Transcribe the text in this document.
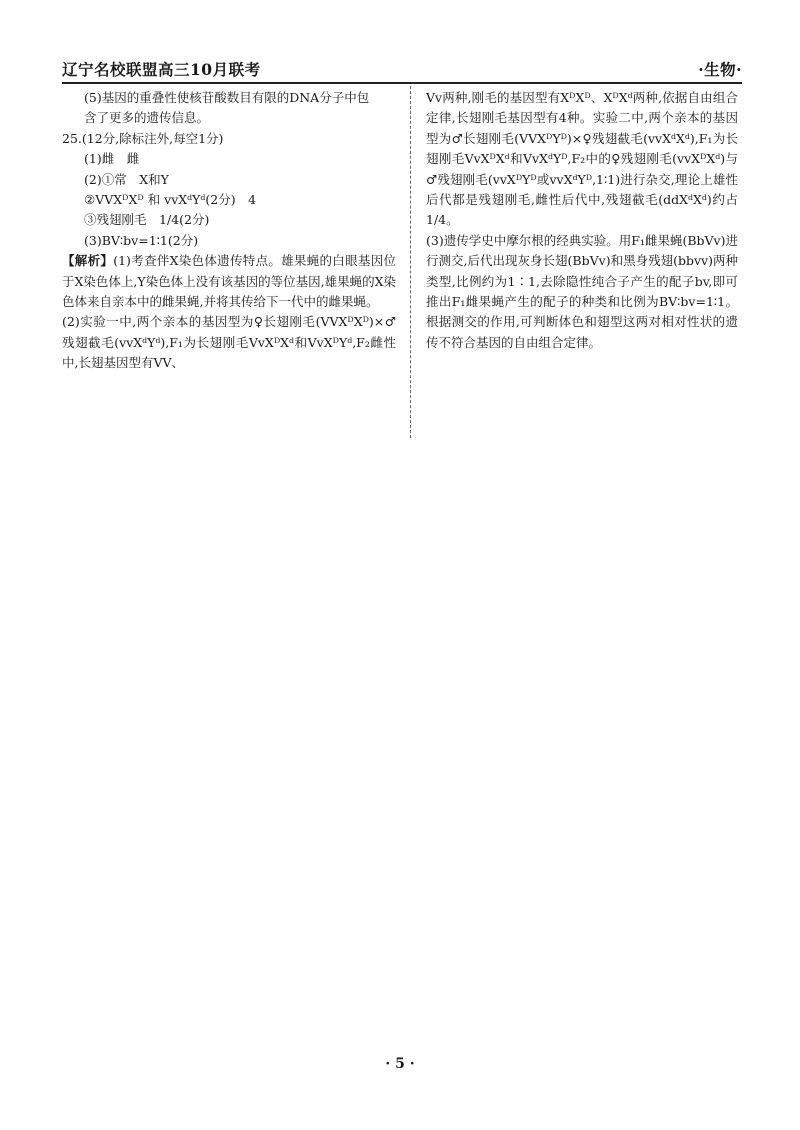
辽宁名校联盟高三10月联考	·生物·

(5)基因的重叠性使核苷酸数目有限的DNA分子中包

含了更多的遗传信息。

25.(12分,除标注外,每空1分)

(1)雌　雌

(2)①常　X和Y

②VVXᴰXᴰ 和 vvXᵈYᵈ(2分)　4

③残翅刚毛　1/4(2分)

(3)BV∶bv=1∶1(2分)

【解析】(1)考查伴X染色体遗传特点。雄果蝇的白眼基因位于X染色体上,Y染色体上没有该基因的等位基因,雄果蝇的X染色体来自亲本中的雌果蝇,并将其传给下一代中的雌果蝇。

(2)实验一中,两个亲本的基因型为♀长翅刚毛(VVXᴰXᴰ)×♂残翅截毛(vvXᵈYᵈ),F₁为长翅刚毛VvXᴰXᵈ和VvXᴰYᵈ,F₂雌性中,长翅基因型有VV、

Vv两种,刚毛的基因型有XᴰXᴰ、XᴰXᵈ两种,依据自由组合定律,长翅刚毛基因型有4种。实验二中,两个亲本的基因型为♂长翅刚毛(VVXᴰYᴰ)×♀残翅截毛(vvXᵈXᵈ),F₁为长翅刚毛VvXᴰXᵈ和VvXᵈYᴰ,F₂中的♀残翅刚毛(vvXᴰXᵈ)与♂残翅刚毛(vvXᴰYᴰ或vvXᵈYᴰ,1∶1)进行杂交,理论上雄性后代都是残翅刚毛,雌性后代中,残翅截毛(ddXᵈXᵈ)约占1/4。

(3)遗传学史中摩尔根的经典实验。用F₁雌果蝇(BbVv)进行测交,后代出现灰身长翅(BbVv)和黑身残翅(bbvv)两种类型,比例约为1∶1,去除隐性纯合子产生的配子bv,即可推出F₁雌果蝇产生的配子的种类和比例为BV∶bv=1∶1。根据测交的作用,可判断体色和翅型这两对相对性状的遗传不符合基因的自由组合定律。

· 5 ·
